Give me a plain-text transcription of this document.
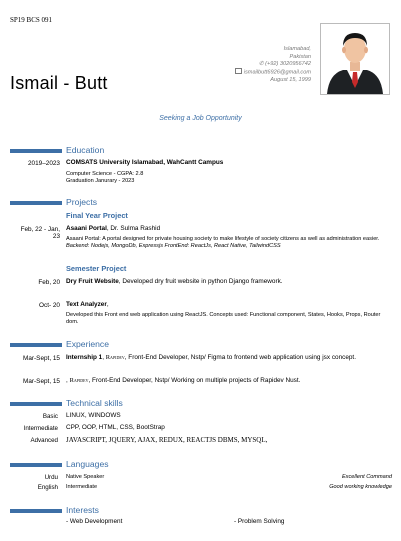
SP19 BCS 091
Islamabad,
Pakistan
✆ (+92) 3020956742
ismailbutt6926@gmail.com
August 15, 1999
Ismail - Butt
Seeking a Job Opportunity
Education
2019–2023 COMSATS University Islamabad, WahCantt Campus
Computer Science - CGPA: 2.8
Graduation Janurary - 2023
Projects
Final Year Project
Feb, 22 - Jan,
23
Asaani Portal, Dr. Sulma Rashid
Asaani Portal: A portal designed for private housing society to make lifestyle of society citizens as well as administration easier.  Backend: Nodejs, MongoDb, Expressjs FrontEnd: ReactJs, React Native, TailwindCSS
Semester Project
Feb, 20 Dry Fruit Website, Developed dry fruit website in python Django framework.
Oct- 20 Text Analyzer,
Developed this Front end web application using ReactJS. Concepts used: Functional component, States, Hooks, Props, Router dom.
Experience
Mar-Sept, 15 Internship 1, Rapidev, Front-End Developer, Nstp/ Figma to frontend web application using jsx concept.
Mar-Sept, 15 , Rapidev, Front-End Developer, Nstp/ Working on multiple projects of Rapidev Nust.
Technical skills
Basic LINUX, WINDOWS
Intermediate CPP, OOP, HTML, CSS, BootStrap
Advanced JAVASCRIPT, JQUERY, AJAX, REDUX, REACTJS DBMS, MYSQL,
Languages
Urdu Native Speaker	Excellent Command
English Intermediate	Good working knowledge
Interests
- Web Development	- Problem Solving
